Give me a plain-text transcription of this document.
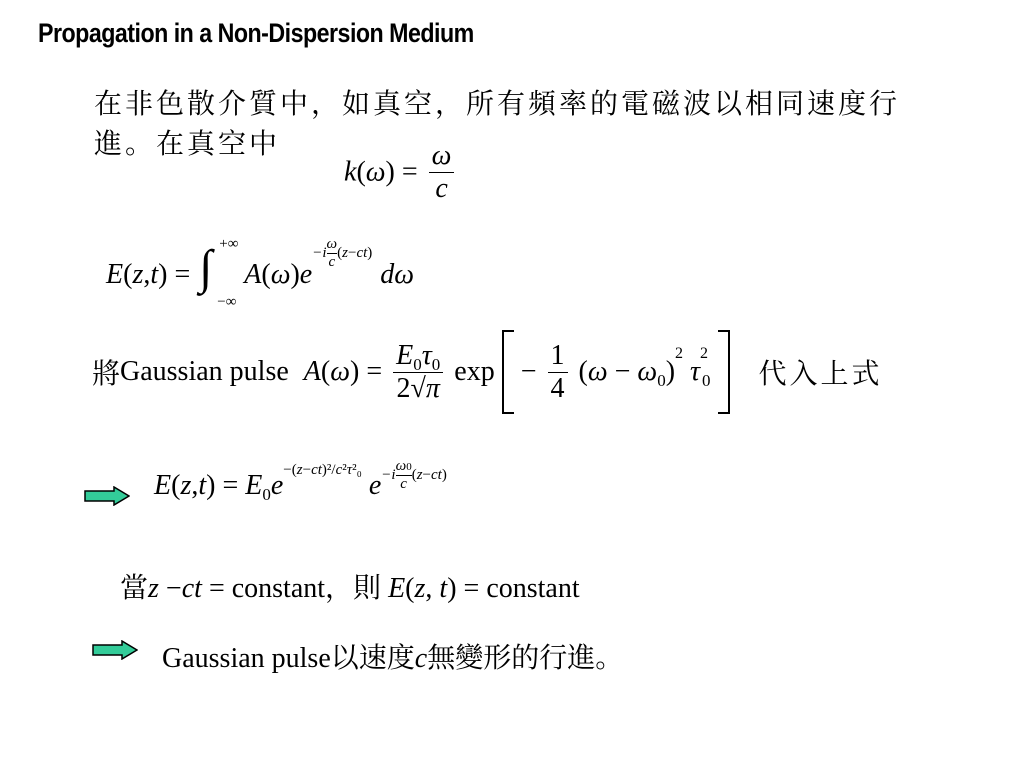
Propagation in a Non-Dispersion Medium
在非色散介質中，如真空，所有頻率的電磁波以相同速度行
進。在真空中
$k(\omega) = \frac{\omega}{c}$
E(z,t) = ∫ +∞
−∞
$A(\omega)e-i \frac{\omega}{c} (z-ct)d\omega$
將Gaussian pulse $A(\omega) = \frac{E_0\tau_0}{2√\pi}$ $\exp - \frac{1}{4} (\omega - \omega_0)^2$ $\tau^2_0$ 代入上式
$E(z,t) = E_0e^{-(z-ct)^2/c^2\tau^2_0}$ $e-i \frac{\omega 0}{c} (z-ct)$
當z −ct = constant，則 E(z, t) = constant
Gaussian pulse以速度c無變形的行進。
